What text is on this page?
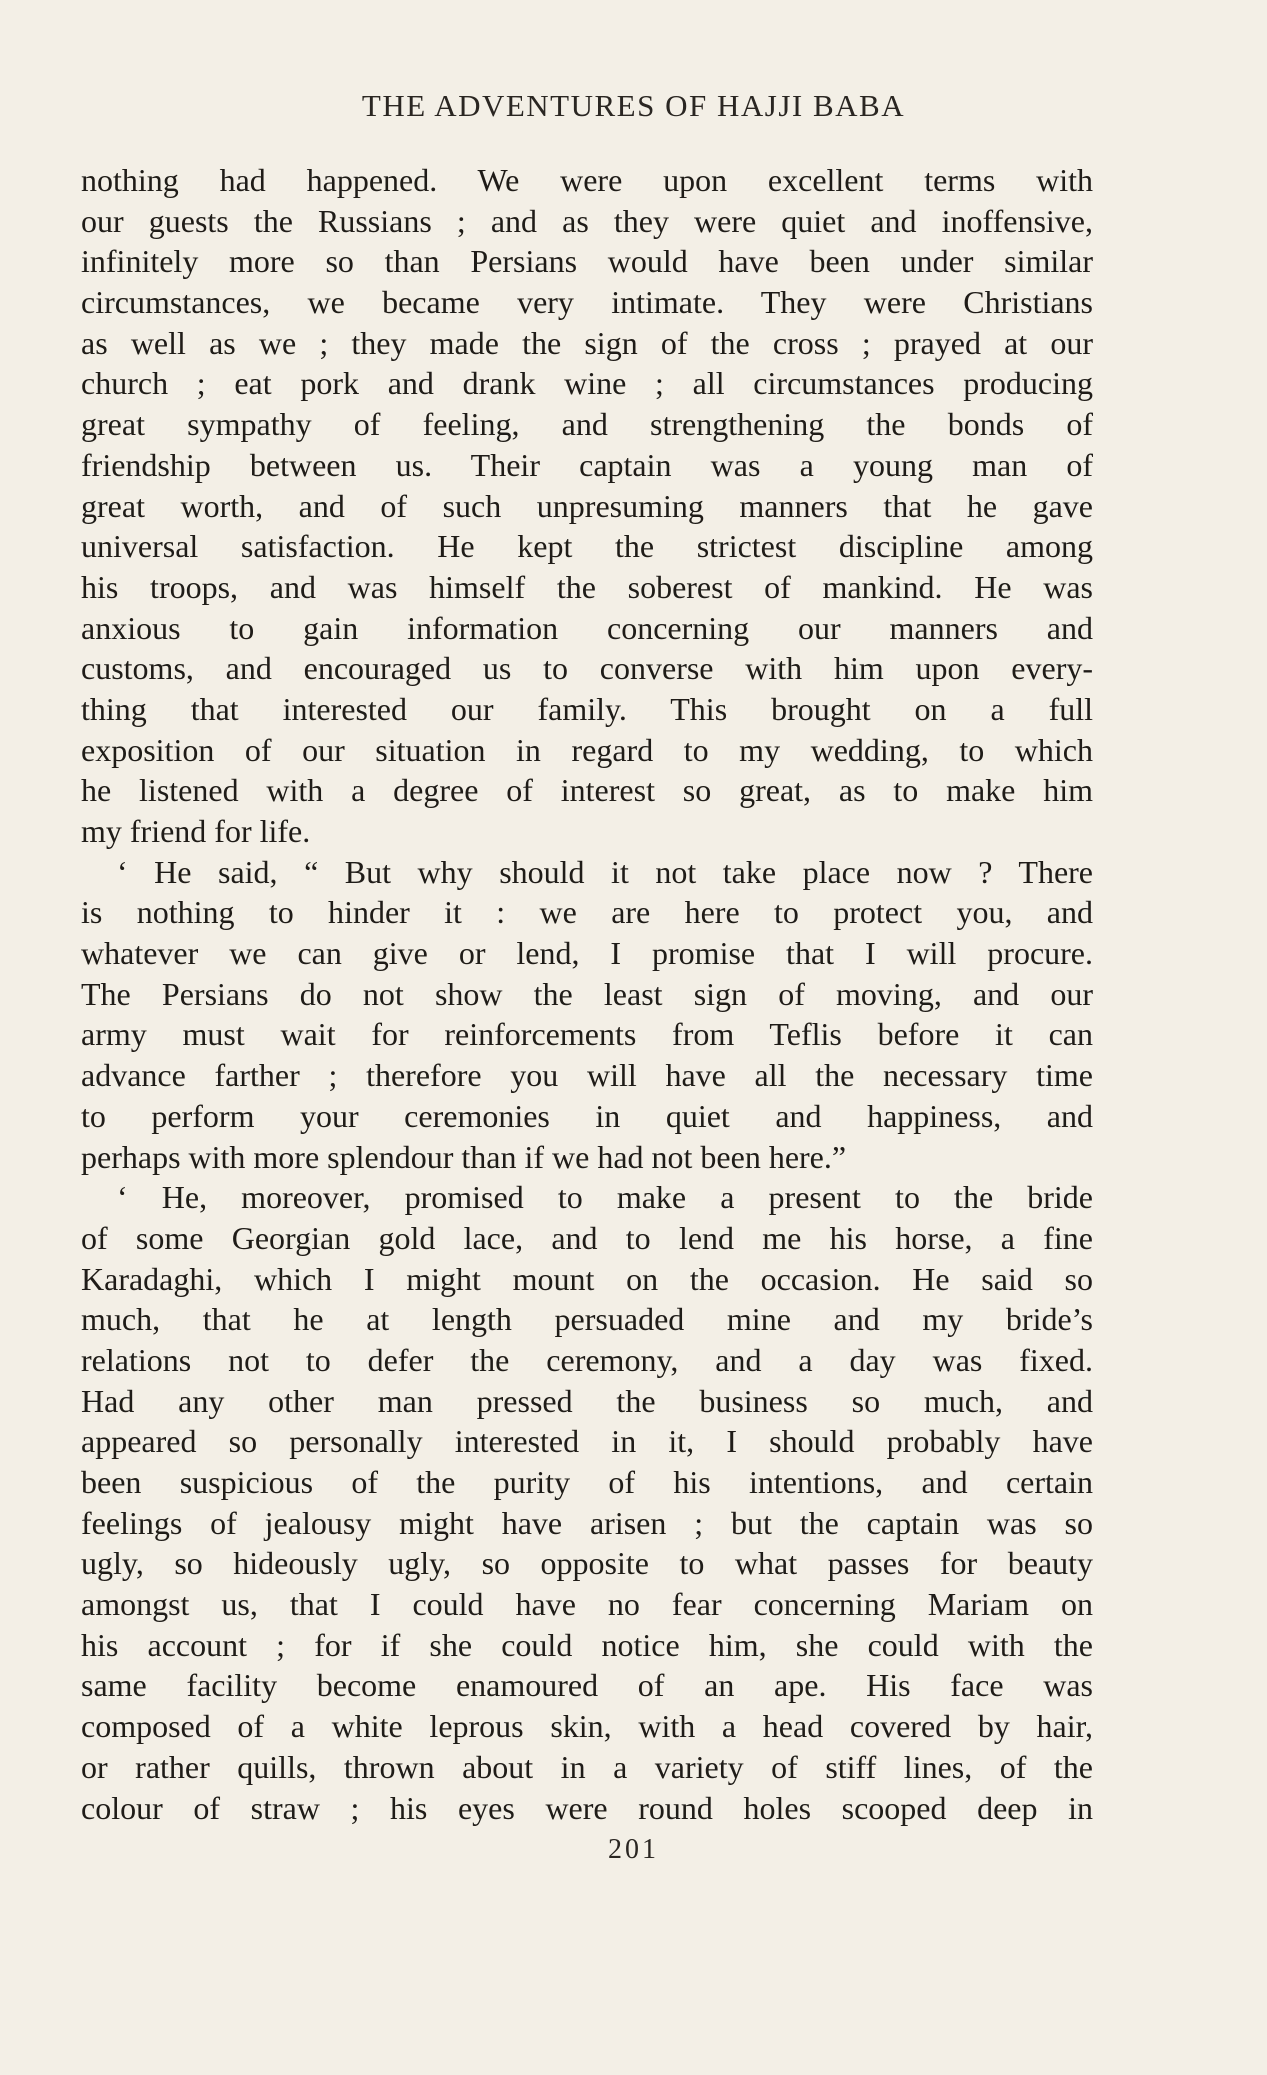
THE ADVENTURES OF HAJJI BABA
nothing had happened. We were upon excellent terms with
our guests the Russians ; and as they were quiet and inoffensive,
infinitely more so than Persians would have been under similar
circumstances, we became very intimate. They were Christians
as well as we ; they made the sign of the cross ; prayed at our
church ; eat pork and drank wine ; all circumstances producing
great sympathy of feeling, and strengthening the bonds of
friendship between us. Their captain was a young man of
great worth, and of such unpresuming manners that he gave
universal satisfaction. He kept the strictest discipline among
his troops, and was himself the soberest of mankind. He was
anxious to gain information concerning our manners and
customs, and encouraged us to converse with him upon every-
thing that interested our family. This brought on a full
exposition of our situation in regard to my wedding, to which
he listened with a degree of interest so great, as to make him
my friend for life.
‘ He said, “ But why should it not take place now ? There
is nothing to hinder it : we are here to protect you, and
whatever we can give or lend, I promise that I will procure.
The Persians do not show the least sign of moving, and our
army must wait for reinforcements from Teflis before it can
advance farther ; therefore you will have all the necessary time
to perform your ceremonies in quiet and happiness, and
perhaps with more splendour than if we had not been here.”
‘ He, moreover, promised to make a present to the bride
of some Georgian gold lace, and to lend me his horse, a fine
Karadaghi, which I might mount on the occasion. He said so
much, that he at length persuaded mine and my bride’s
relations not to defer the ceremony, and a day was fixed.
Had any other man pressed the business so much, and
appeared so personally interested in it, I should probably have
been suspicious of the purity of his intentions, and certain
feelings of jealousy might have arisen ; but the captain was so
ugly, so hideously ugly, so opposite to what passes for beauty
amongst us, that I could have no fear concerning Mariam on
his account ; for if she could notice him, she could with the
same facility become enamoured of an ape. His face was
composed of a white leprous skin, with a head covered by hair,
or rather quills, thrown about in a variety of stiff lines, of the
colour of straw ; his eyes were round holes scooped deep in
201
